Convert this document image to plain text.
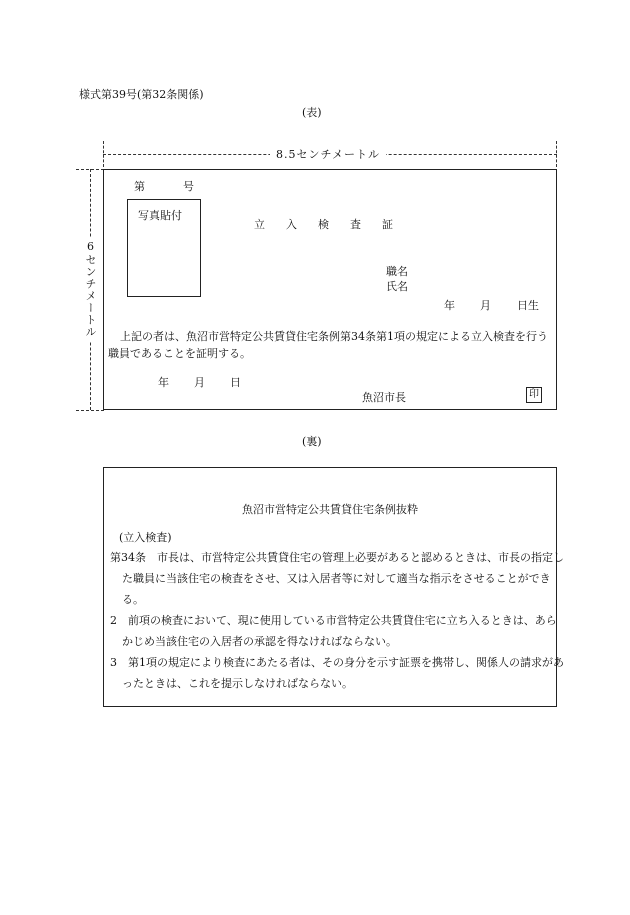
様式第39号(第32条関係)
(表)
8.5センチメートル
6センチメートル
第	号
写真貼付
立入検査証
職名
氏名
年 月 日生
上記の者は、魚沼市営特定公共賃貸住宅条例第34条第1項の規定による立入検査を行う職員であることを証明する。
年 月 日
魚沼市長	印
(裏)
魚沼市営特定公共賃貸住宅条例抜粋
(立入検査)
第34条　市長は、市営特定公共賃貸住宅の管理上必要があると認めるときは、市長の指定した職員に当該住宅の検査をさせ、又は入居者等に対して適当な指示をさせることができる。
2　前項の検査において、現に使用している市営特定公共賃貸住宅に立ち入るときは、あらかじめ当該住宅の入居者の承認を得なければならない。
3　第1項の規定により検査にあたる者は、その身分を示す証票を携帯し、関係人の請求があったときは、これを提示しなければならない。
